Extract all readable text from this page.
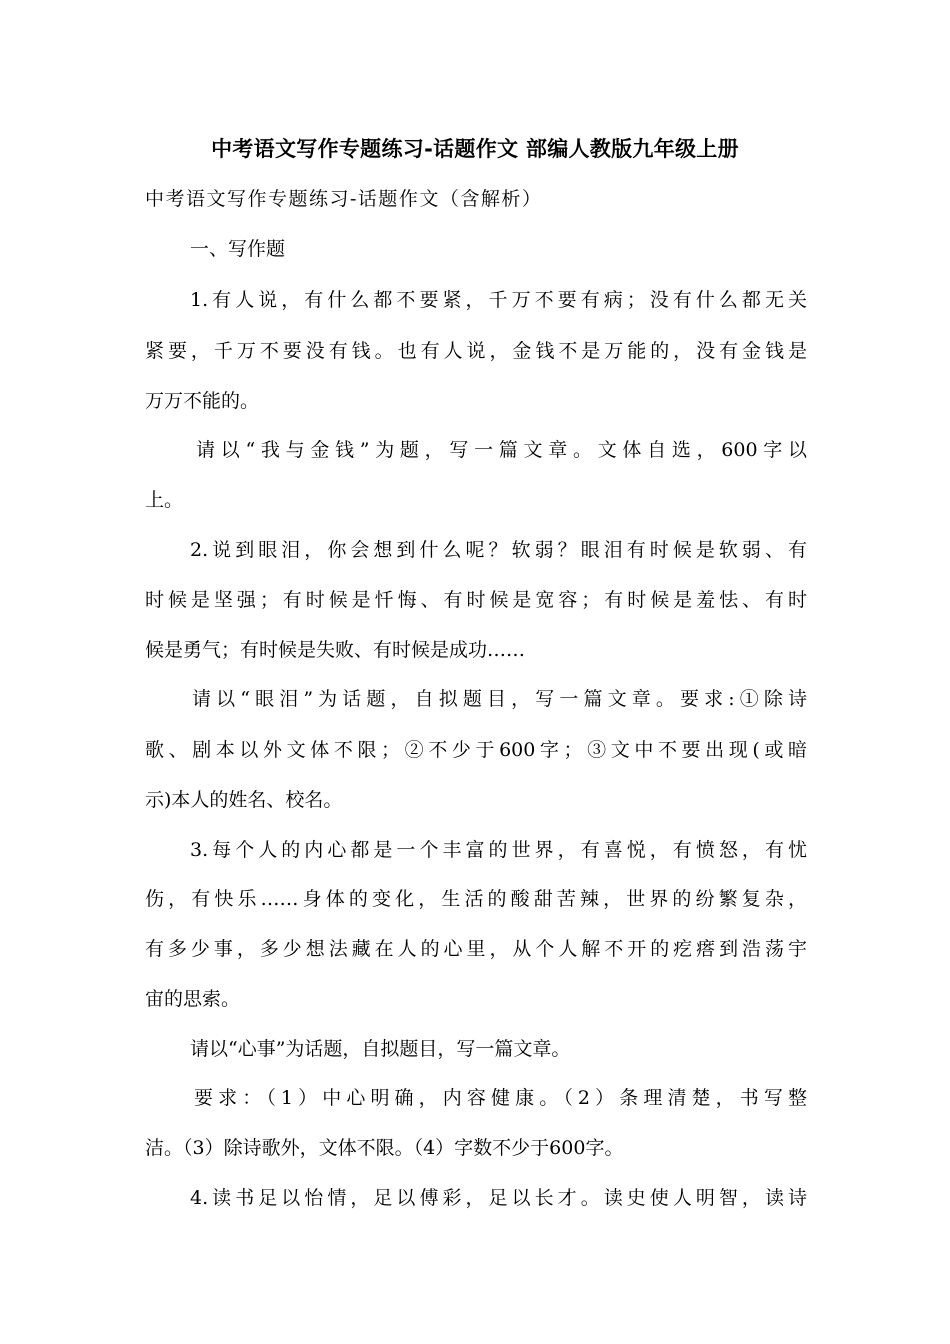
中考语文写作专题练习-话题作文 部编人教版九年级上册
中考语文写作专题练习-话题作文（含解析）
一、写作题
1.有人说，有什么都不要紧，千万不要有病；没有什么都无关
紧要，千万不要没有钱。也有人说，金钱不是万能的，没有金钱是
万万不能的。
请以“我与金钱”为题，写一篇文章。文体自选，600字以
上。
2.说到眼泪，你会想到什么呢？软弱？眼泪有时候是软弱、有
时候是坚强；有时候是忏悔、有时候是宽容；有时候是羞怯、有时
候是勇气；有时候是失败、有时候是成功……
请以“眼泪”为话题，自拟题目，写一篇文章。要求:①除诗
歌、剧本以外文体不限；②不少于600字；③文中不要出现(或暗
示)本人的姓名、校名。
3.每个人的内心都是一个丰富的世界，有喜悦，有愤怒，有忧
伤，有快乐……身体的变化，生活的酸甜苦辣，世界的纷繁复杂，
有多少事，多少想法藏在人的心里，从个人解不开的疙瘩到浩荡宇
宙的思索。
请以“心事”为话题，自拟题目，写一篇文章。
要求：（1）中心明确，内容健康。（2）条理清楚，书写整
洁。（3）除诗歌外，文体不限。（4）字数不少于600字。
4.读书足以怡情，足以傅彩，足以长才。读史使人明智，读诗
